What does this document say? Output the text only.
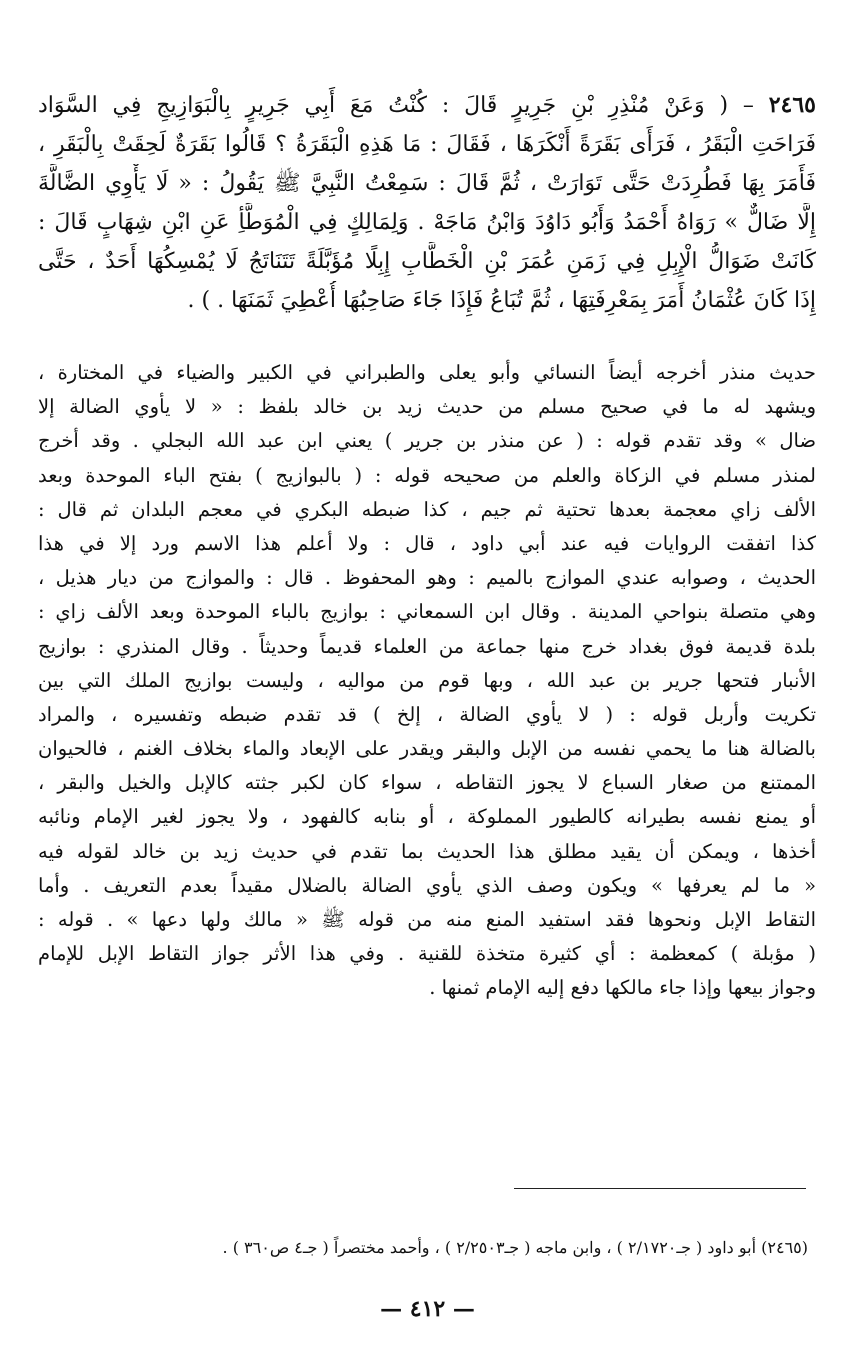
٢٤٦٥ – ( وَعَنْ مُنْذِرِ بْنِ جَرِيرٍ قَالَ : كُنْتُ مَعَ أَبِي جَرِيرٍ بِالْبَوَازِيجِ فِي السَّوَاد
فَرَاحَتِ الْبَقَرُ ، فَرَأَى بَقَرَةً أَنْكَرَهَا ، فَقَالَ : مَا هَذِهِ الْبَقَرَةُ ؟ قَالُوا بَقَرَةٌ لَحِقَتْ بِالْبَقَرِ ،
فَأَمَرَ بِهَا فَطُرِدَتْ حَتَّى تَوَارَتْ ، ثُمَّ قَالَ : سَمِعْتُ النَّبِيَّ ﷺ يَقُولُ : « لَا يَأْوِي الضَّالَّةَ
إِلَّا ضَالٌّ » رَوَاهُ أَحْمَدُ وَأَبُو دَاوُدَ وَابْنُ مَاجَهْ . وَلِمَالِكٍ فِي الْمُوَطَّأِ عَنِ ابْنِ شِهَابٍ قَالَ :
كَانَتْ ضَوَالُّ الْإِبِلِ فِي زَمَنِ عُمَرَ بْنِ الْخَطَّابِ إِبِلًا مُؤَبَّلَةً تَتَنَاتَجُ لَا يُمْسِكُهَا أَحَدٌ ، حَتَّى
إِذَا كَانَ عُثْمَانُ أَمَرَ بِمَعْرِفَتِهَا ، ثُمَّ تُبَاعُ فَإِذَا جَاءَ صَاحِبُهَا أُعْطِيَ ثَمَنَهَا . ) .
حديث منذر أخرجه أيضاً النسائي وأبو يعلى والطبراني في الكبير والضياء في المختارة ،
ويشهد له ما في صحيح مسلم من حديث زيد بن خالد بلفظ : « لا يأوي الضالة إلا
ضال » وقد تقدم قوله : ( عن منذر بن جرير ) يعني ابن عبد الله البجلي . وقد أخرج
لمنذر مسلم في الزكاة والعلم من صحيحه قوله : ( بالبوازيج ) بفتح الباء الموحدة وبعد
الألف زاي معجمة بعدها تحتية ثم جيم ، كذا ضبطه البكري في معجم البلدان ثم قال :
كذا اتفقت الروايات فيه عند أبي داود ، قال : ولا أعلم هذا الاسم ورد إلا في هذا
الحديث ، وصوابه عندي الموازج بالميم : وهو المحفوظ . قال : والموازج من ديار هذيل ،
وهي متصلة بنواحي المدينة . وقال ابن السمعاني : بوازيج بالباء الموحدة وبعد الألف زاي :
بلدة قديمة فوق بغداد خرج منها جماعة من العلماء قديماً وحديثاً . وقال المنذري : بوازيج
الأنبار فتحها جرير بن عبد الله ، وبها قوم من مواليه ، وليست بوازيج الملك التي بين
تكريت وأربل قوله : ( لا يأوي الضالة ، إلخ ) قد تقدم ضبطه وتفسيره ، والمراد
بالضالة هنا ما يحمي نفسه من الإبل والبقر ويقدر على الإبعاد والماء بخلاف الغنم ، فالحيوان
الممتنع من صغار السباع لا يجوز التقاطه ، سواء كان لكبر جثته كالإبل والخيل والبقر ،
أو يمنع نفسه بطيرانه كالطيور المملوكة ، أو بنابه كالفهود ، ولا يجوز لغير الإمام ونائبه
أخذها ، ويمكن أن يقيد مطلق هذا الحديث بما تقدم في حديث زيد بن خالد لقوله فيه
« ما لم يعرفها » ويكون وصف الذي يأوي الضالة بالضلال مقيداً بعدم التعريف . وأما
التقاط الإبل ونحوها فقد استفيد المنع منه من قوله ﷺ « مالك ولها دعها » . قوله :
( مؤبلة ) كمعظمة : أي كثيرة متخذة للقنية . وفي هذا الأثر جواز التقاط الإبل للإمام
وجواز بيعها وإذا جاء مالكها دفع إليه الإمام ثمنها .
(٢٤٦٥) أبو داود ( جـ٢/١٧٢٠ ) ، وابن ماجه ( جـ٢/٢٥٠٣ ) ، وأحمد مختصراً ( جـ٤ ص٣٦٠ ) .
— ٤١٢ —
